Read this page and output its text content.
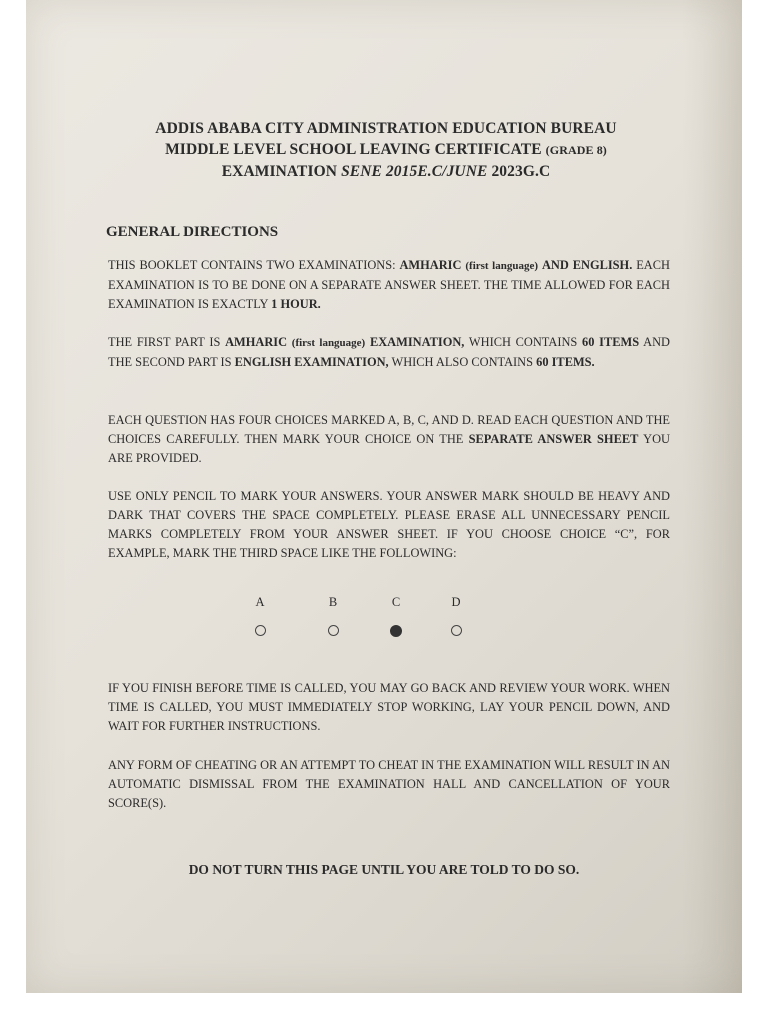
ADDIS ABABA CITY ADMINISTRATION EDUCATION BUREAU
MIDDLE LEVEL SCHOOL LEAVING CERTIFICATE (GRADE 8)
EXAMINATION SENE 2015E.C/JUNE 2023G.C
GENERAL DIRECTIONS
THIS BOOKLET CONTAINS TWO EXAMINATIONS: AMHARIC (first language) AND ENGLISH. EACH EXAMINATION IS TO BE DONE ON A SEPARATE ANSWER SHEET. THE TIME ALLOWED FOR EACH EXAMINATION IS EXACTLY 1 HOUR.
THE FIRST PART IS AMHARIC (first language) EXAMINATION, WHICH CONTAINS 60 ITEMS AND THE SECOND PART IS ENGLISH EXAMINATION, WHICH ALSO CONTAINS 60 ITEMS.
EACH QUESTION HAS FOUR CHOICES MARKED A, B, C, AND D. READ EACH QUESTION AND THE CHOICES CAREFULLY. THEN MARK YOUR CHOICE ON THE SEPARATE ANSWER SHEET YOU ARE PROVIDED.
USE ONLY PENCIL TO MARK YOUR ANSWERS. YOUR ANSWER MARK SHOULD BE HEAVY AND DARK THAT COVERS THE SPACE COMPLETELY. PLEASE ERASE ALL UNNECESSARY PENCIL MARKS COMPLETELY FROM YOUR ANSWER SHEET. IF YOU CHOOSE CHOICE “C”, FOR EXAMPLE, MARK THE THIRD SPACE LIKE THE FOLLOWING:
A	B	C	D
IF YOU FINISH BEFORE TIME IS CALLED, YOU MAY GO BACK AND REVIEW YOUR WORK. WHEN TIME IS CALLED, YOU MUST IMMEDIATELY STOP WORKING, LAY YOUR PENCIL DOWN, AND WAIT FOR FURTHER INSTRUCTIONS.
ANY FORM OF CHEATING OR AN ATTEMPT TO CHEAT IN THE EXAMINATION WILL RESULT IN AN AUTOMATIC DISMISSAL FROM THE EXAMINATION HALL AND CANCELLATION OF YOUR SCORE(S).
DO NOT TURN THIS PAGE UNTIL YOU ARE TOLD TO DO SO.
